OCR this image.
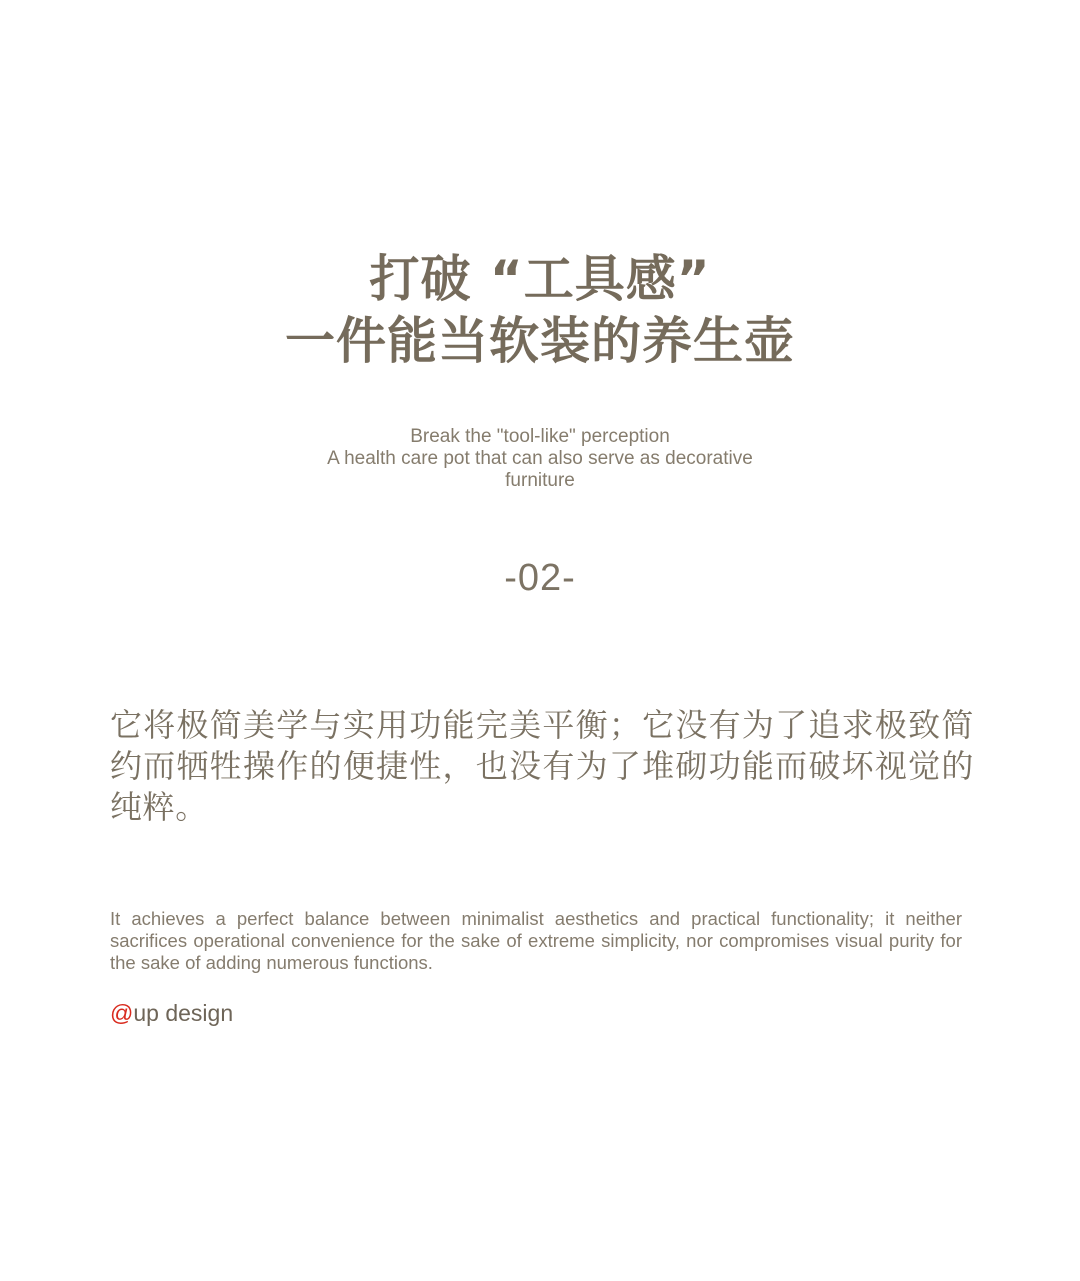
打破 “工具感”
一件能当软装的养生壶
Break the "tool-like" perception
A health care pot that can also serve as decorative
furniture
-02-

它将极简美学与实用功能完美平衡；它没有为了追求极致简约而牺牲操作的便捷性，也没有为了堆砌功能而破坏视觉的纯粹。

It achieves a perfect balance between minimalist aesthetics and practical functionality; it neither sacrifices operational convenience for the sake of extreme simplicity, nor compromises visual purity for the sake of adding numerous functions.

@up design
